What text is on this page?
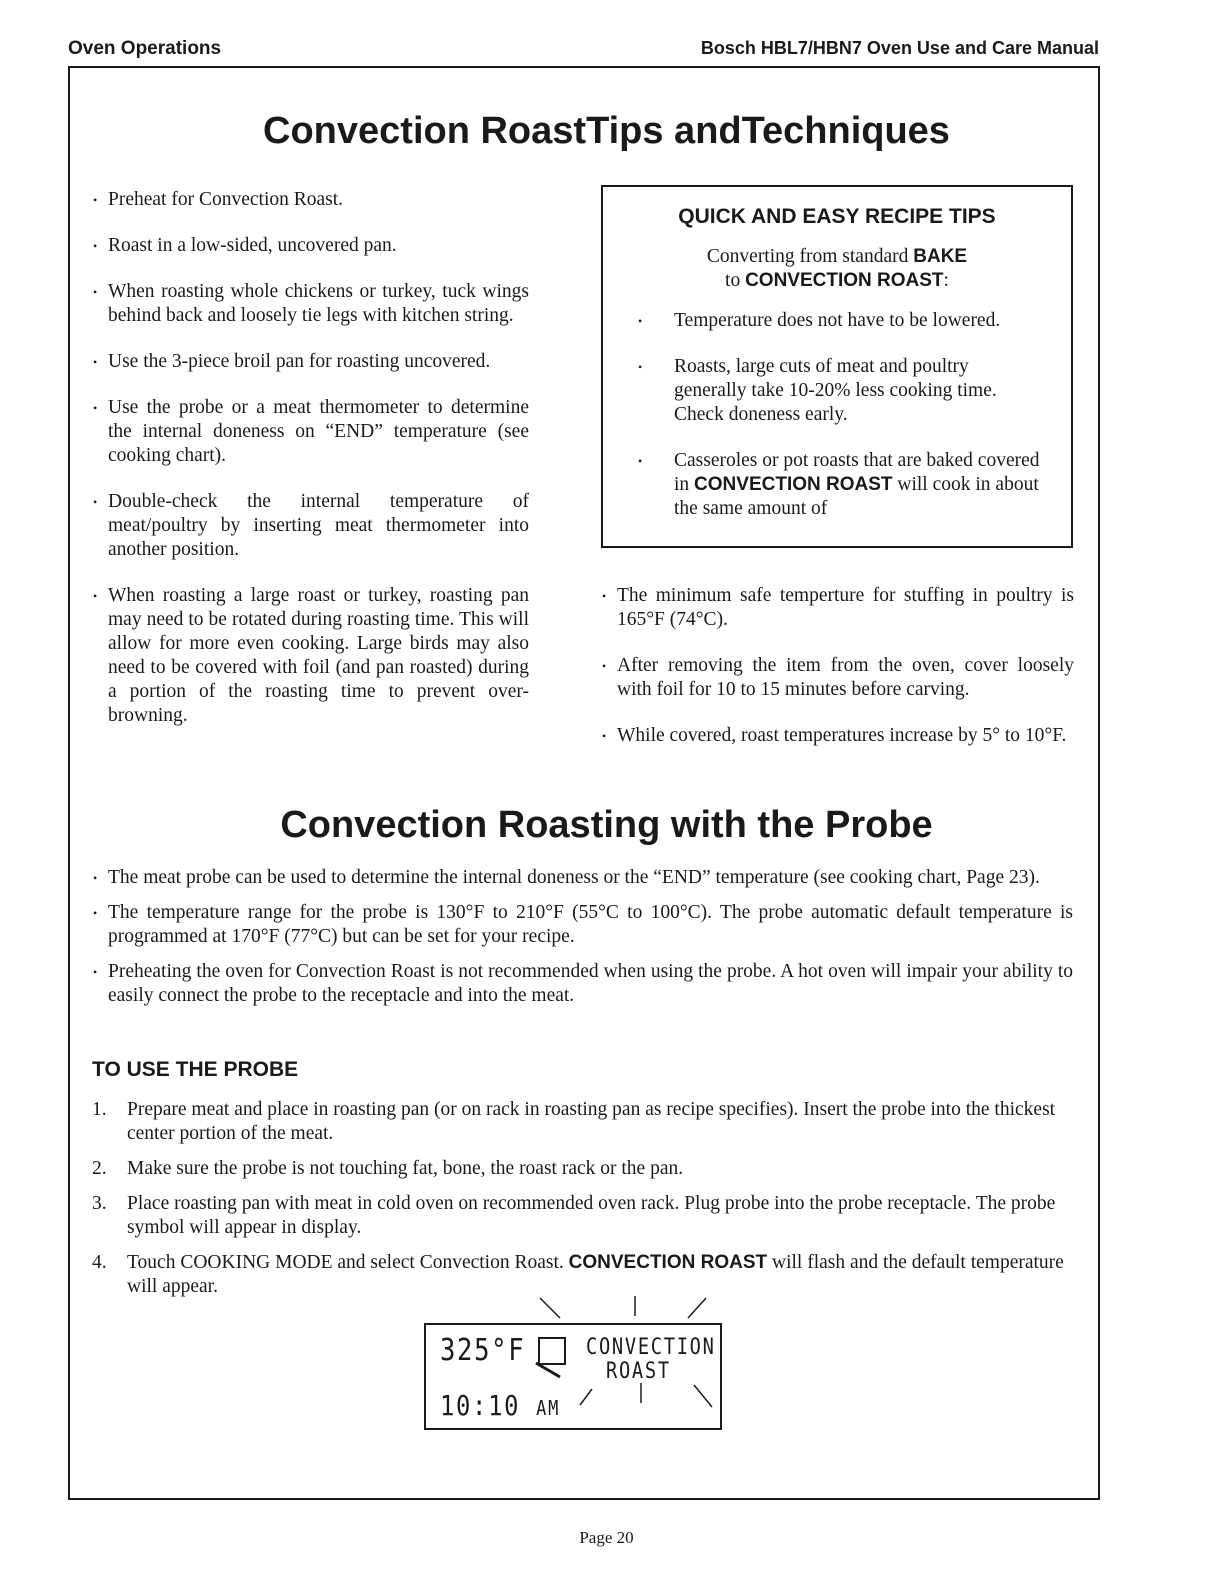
Oven Operations	Bosch HBL7/HBN7 Oven Use and Care Manual
Convection RoastTips andTechniques
• Preheat for Convection Roast.
• Roast in a low-sided, uncovered pan.
• When roasting whole chickens or turkey, tuck wings behind back and loosely tie legs with kitchen string.
• Use the 3-piece broil pan for roasting uncovered.
• Use the probe or a meat thermometer to determine the internal doneness on “END” temperature (see cooking chart).
• Double-check the internal temperature of meat/poultry by inserting meat thermometer into another position.
• When roasting a large roast or turkey, roasting pan may need to be rotated during roasting time. This will allow for more even cooking. Large birds may also need to be covered with foil (and pan roasted) during a portion of the roasting time to prevent over-browning.
QUICK AND EASY RECIPE TIPS
Converting from standard BAKE
to CONVECTION ROAST:
• Temperature does not have to be lowered.
• Roasts, large cuts of meat and poultry generally take 10-20% less cooking time. Check doneness early.
• Casseroles or pot roasts that are baked covered in CONVECTION ROAST will cook in about the same amount of
• The minimum safe temperture for stuffing in poultry is 165°F (74°C).
• After removing the item from the oven, cover loosely with foil for 10 to 15 minutes before carving.
• While covered, roast temperatures increase by 5° to 10°F.
Convection Roasting with the Probe
• The meat probe can be used to determine the internal doneness or the “END” temperature (see cooking chart, Page 23).
• The temperature range for the probe is 130°F to 210°F (55°C to 100°C). The probe automatic default temperature is programmed at 170°F (77°C) but can be set for your recipe.
• Preheating the oven for Convection Roast is not recommended when using the probe. A hot oven will impair your ability to easily connect the probe to the receptacle and into the meat.
TO USE THE PROBE
1. Prepare meat and place in roasting pan (or on rack in roasting pan as recipe specifies). Insert the probe into the thickest center portion of the meat.
2. Make sure the probe is not touching fat, bone, the roast rack or the pan.
3. Place roasting pan with meat in cold oven on recommended oven rack. Plug probe into the probe receptacle. The probe symbol will appear in display.
4. Touch COOKING MODE and select Convection Roast. CONVECTION ROAST will flash and the default temperature will appear.
325°F	CONVECTION
ROAST
10:10 AM
Page 20
